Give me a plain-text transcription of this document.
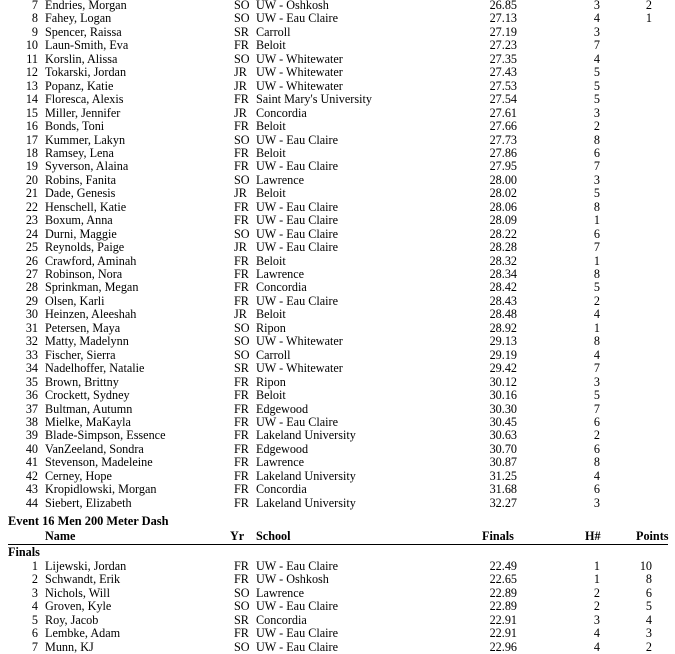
7 Endries, Morgan	SO UW - Oshkosh	26.85	3	2
8 Fahey, Logan	SO UW - Eau Claire	27.13	4	1
9 Spencer, Raissa	SR Carroll	27.19	3
10 Laun-Smith, Eva	FR Beloit	27.23	7
11 Korslin, Alissa	SO UW - Whitewater	27.35	4
12 Tokarski, Jordan	JR UW - Whitewater	27.43	5
13 Popanz, Katie	JR UW - Whitewater	27.53	5
14 Floresca, Alexis	FR Saint Mary's University	27.54	5
15 Miller, Jennifer	JR Concordia	27.61	3
16 Bonds, Toni	FR Beloit	27.66	2
17 Kummer, Lakyn	SO UW - Eau Claire	27.73	8
18 Ramsey, Lena	FR Beloit	27.86	6
19 Syverson, Alaina	FR UW - Eau Claire	27.95	7
20 Robins, Fanita	SO Lawrence	28.00	3
21 Dade, Genesis	JR Beloit	28.02	5
22 Henschell, Katie	FR UW - Eau Claire	28.06	8
23 Boxum, Anna	FR UW - Eau Claire	28.09	1
24 Durni, Maggie	SO UW - Eau Claire	28.22	6
25 Reynolds, Paige	JR UW - Eau Claire	28.28	7
26 Crawford, Aminah	FR Beloit	28.32	1
27 Robinson, Nora	FR Lawrence	28.34	8
28 Sprinkman, Megan	FR Concordia	28.42	5
29 Olsen, Karli	FR UW - Eau Claire	28.43	2
30 Heinzen, Aleeshah	JR Beloit	28.48	4
31 Petersen, Maya	SO Ripon	28.92	1
32 Matty, Madelynn	SO UW - Whitewater	29.13	8
33 Fischer, Sierra	SO Carroll	29.19	4
34 Nadelhoffer, Natalie	SR UW - Whitewater	29.42	7
35 Brown, Brittny	FR Ripon	30.12	3
36 Crockett, Sydney	FR Beloit	30.16	5
37 Bultman, Autumn	FR Edgewood	30.30	7
38 Mielke, MaKayla	FR UW - Eau Claire	30.45	6
39 Blade-Simpson, Essence	FR Lakeland University	30.63	2
40 VanZeeland, Sondra	FR Edgewood	30.70	6
41 Stevenson, Madeleine	FR Lawrence	30.87	8
42 Cerney, Hope	FR Lakeland University	31.25	4
43 Kropidlowski, Morgan	FR Concordia	31.68	6
44 Siebert, Elizabeth	FR Lakeland University	32.27	3
Event 16 Men 200 Meter Dash
Name	Yr School	Finals	H#	Points
Finals
1 Lijewski, Jordan	FR UW - Eau Claire	22.49	1	10
2 Schwandt, Erik	FR UW - Oshkosh	22.65	1	8
3 Nichols, Will	SO Lawrence	22.89	2	6
4 Groven, Kyle	SO UW - Eau Claire	22.89	2	5
5 Roy, Jacob	SR Concordia	22.91	3	4
6 Lembke, Adam	FR UW - Eau Claire	22.91	4	3
7 Munn, KJ	SO UW - Eau Claire	22.96	4	2
